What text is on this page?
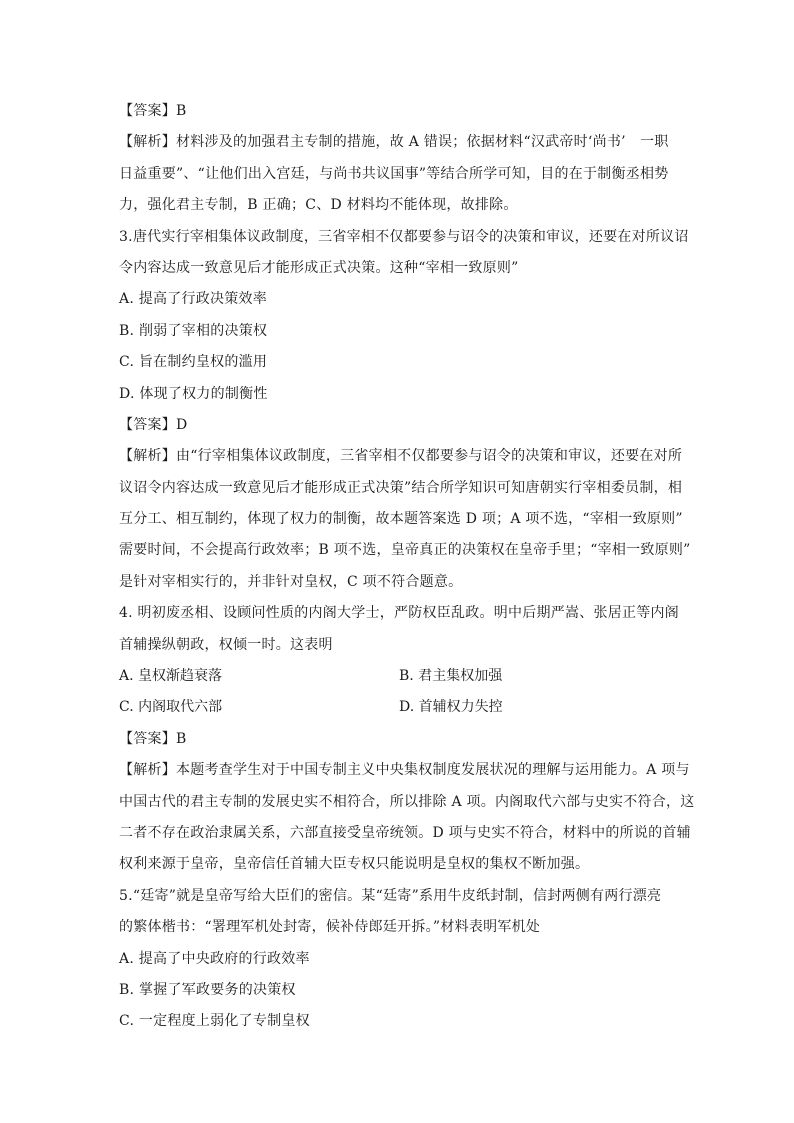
【答案】B
【解析】材料涉及的加强君主专制的措施，故 A 错误；依据材料“汉武帝时‘尚书’　一职
日益重要”、“让他们出入宫廷，与尚书共议国事”等结合所学可知，目的在于制衡丞相势
力，强化君主专制，B 正确；C、D 材料均不能体现，故排除。
3.唐代实行宰相集体议政制度，三省宰相不仅都要参与诏令的决策和审议，还要在对所议诏
令内容达成一致意见后才能形成正式决策。这种“宰相一致原则”
A. 提高了行政决策效率
B. 削弱了宰相的决策权
C. 旨在制约皇权的滥用
D. 体现了权力的制衡性
【答案】D
【解析】由“行宰相集体议政制度，三省宰相不仅都要参与诏令的决策和审议，还要在对所
议诏令内容达成一致意见后才能形成正式决策”结合所学知识可知唐朝实行宰相委员制，相
互分工、相互制约，体现了权力的制衡，故本题答案选 D 项；A 项不选，“宰相一致原则”
需要时间，不会提高行政效率；B 项不选，皇帝真正的决策权在皇帝手里；“宰相一致原则”
是针对宰相实行的，并非针对皇权，C 项不符合题意。
4. 明初废丞相、设顾问性质的内阁大学士，严防权臣乱政。明中后期严嵩、张居正等内阁
首辅操纵朝政，权倾一时。这表明
A. 皇权渐趋衰落	B. 君主集权加强
C. 内阁取代六部	D. 首辅权力失控
【答案】B
【解析】本题考查学生对于中国专制主义中央集权制度发展状况的理解与运用能力。A 项与
中国古代的君主专制的发展史实不相符合，所以排除 A 项。内阁取代六部与史实不符合，这
二者不存在政治隶属关系，六部直接受皇帝统领。D 项与史实不符合，材料中的所说的首辅
权利来源于皇帝，皇帝信任首辅大臣专权只能说明是皇权的集权不断加强。
5.“廷寄”就是皇帝写给大臣们的密信。某“廷寄”系用牛皮纸封制，信封两侧有两行漂亮
的繁体楷书：“署理军机处封寄，候补侍郎廷开拆。”材料表明军机处
A. 提高了中央政府的行政效率
B. 掌握了军政要务的决策权
C. 一定程度上弱化了专制皇权
